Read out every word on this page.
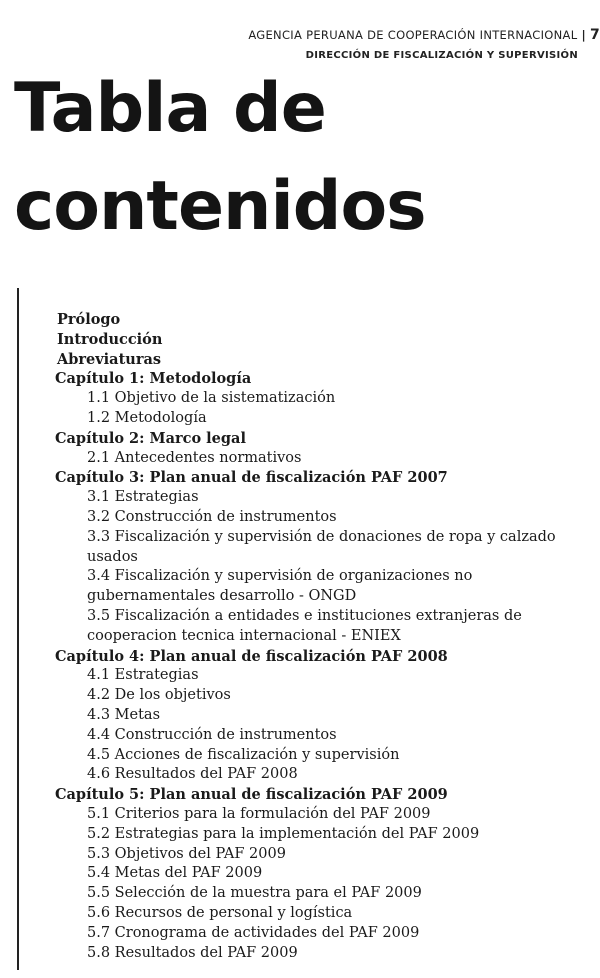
AGENCIA PERUANA DE COOPERACIÓN INTERNACIONAL | 7
DIRECCIÓN DE FISCALIZACIÓN Y SUPERVISIÓN
Tabla de
contenidos
Prólogo
Introducción
Abreviaturas
Capítulo 1: Metodología
1.1 Objetivo de la sistematización
1.2 Metodología
Capítulo 2: Marco legal
2.1 Antecedentes normativos
Capítulo 3: Plan anual de fiscalización PAF 2007
3.1 Estrategias
3.2 Construcción de instrumentos
3.3 Fiscalización y supervisión de donaciones de ropa y calzado usados
3.4 Fiscalización y supervisión de organizaciones no gubernamentales desarrollo - ONGD
3.5 Fiscalización a entidades e instituciones extranjeras de cooperacion tecnica internacional - ENIEX
Capítulo 4: Plan anual de fiscalización PAF 2008
4.1 Estrategias
4.2 De los objetivos
4.3 Metas
4.4 Construcción de instrumentos
4.5 Acciones de fiscalización y supervisión
4.6 Resultados del PAF 2008
Capítulo 5: Plan anual de fiscalización PAF 2009
5.1 Criterios para la formulación del PAF 2009
5.2 Estrategias para la implementación del PAF 2009
5.3 Objetivos del PAF 2009
5.4 Metas del PAF 2009
5.5 Selección de la muestra para el PAF 2009
5.6 Recursos de personal y logística
5.7 Cronograma de actividades del PAF 2009
5.8 Resultados del PAF 2009
